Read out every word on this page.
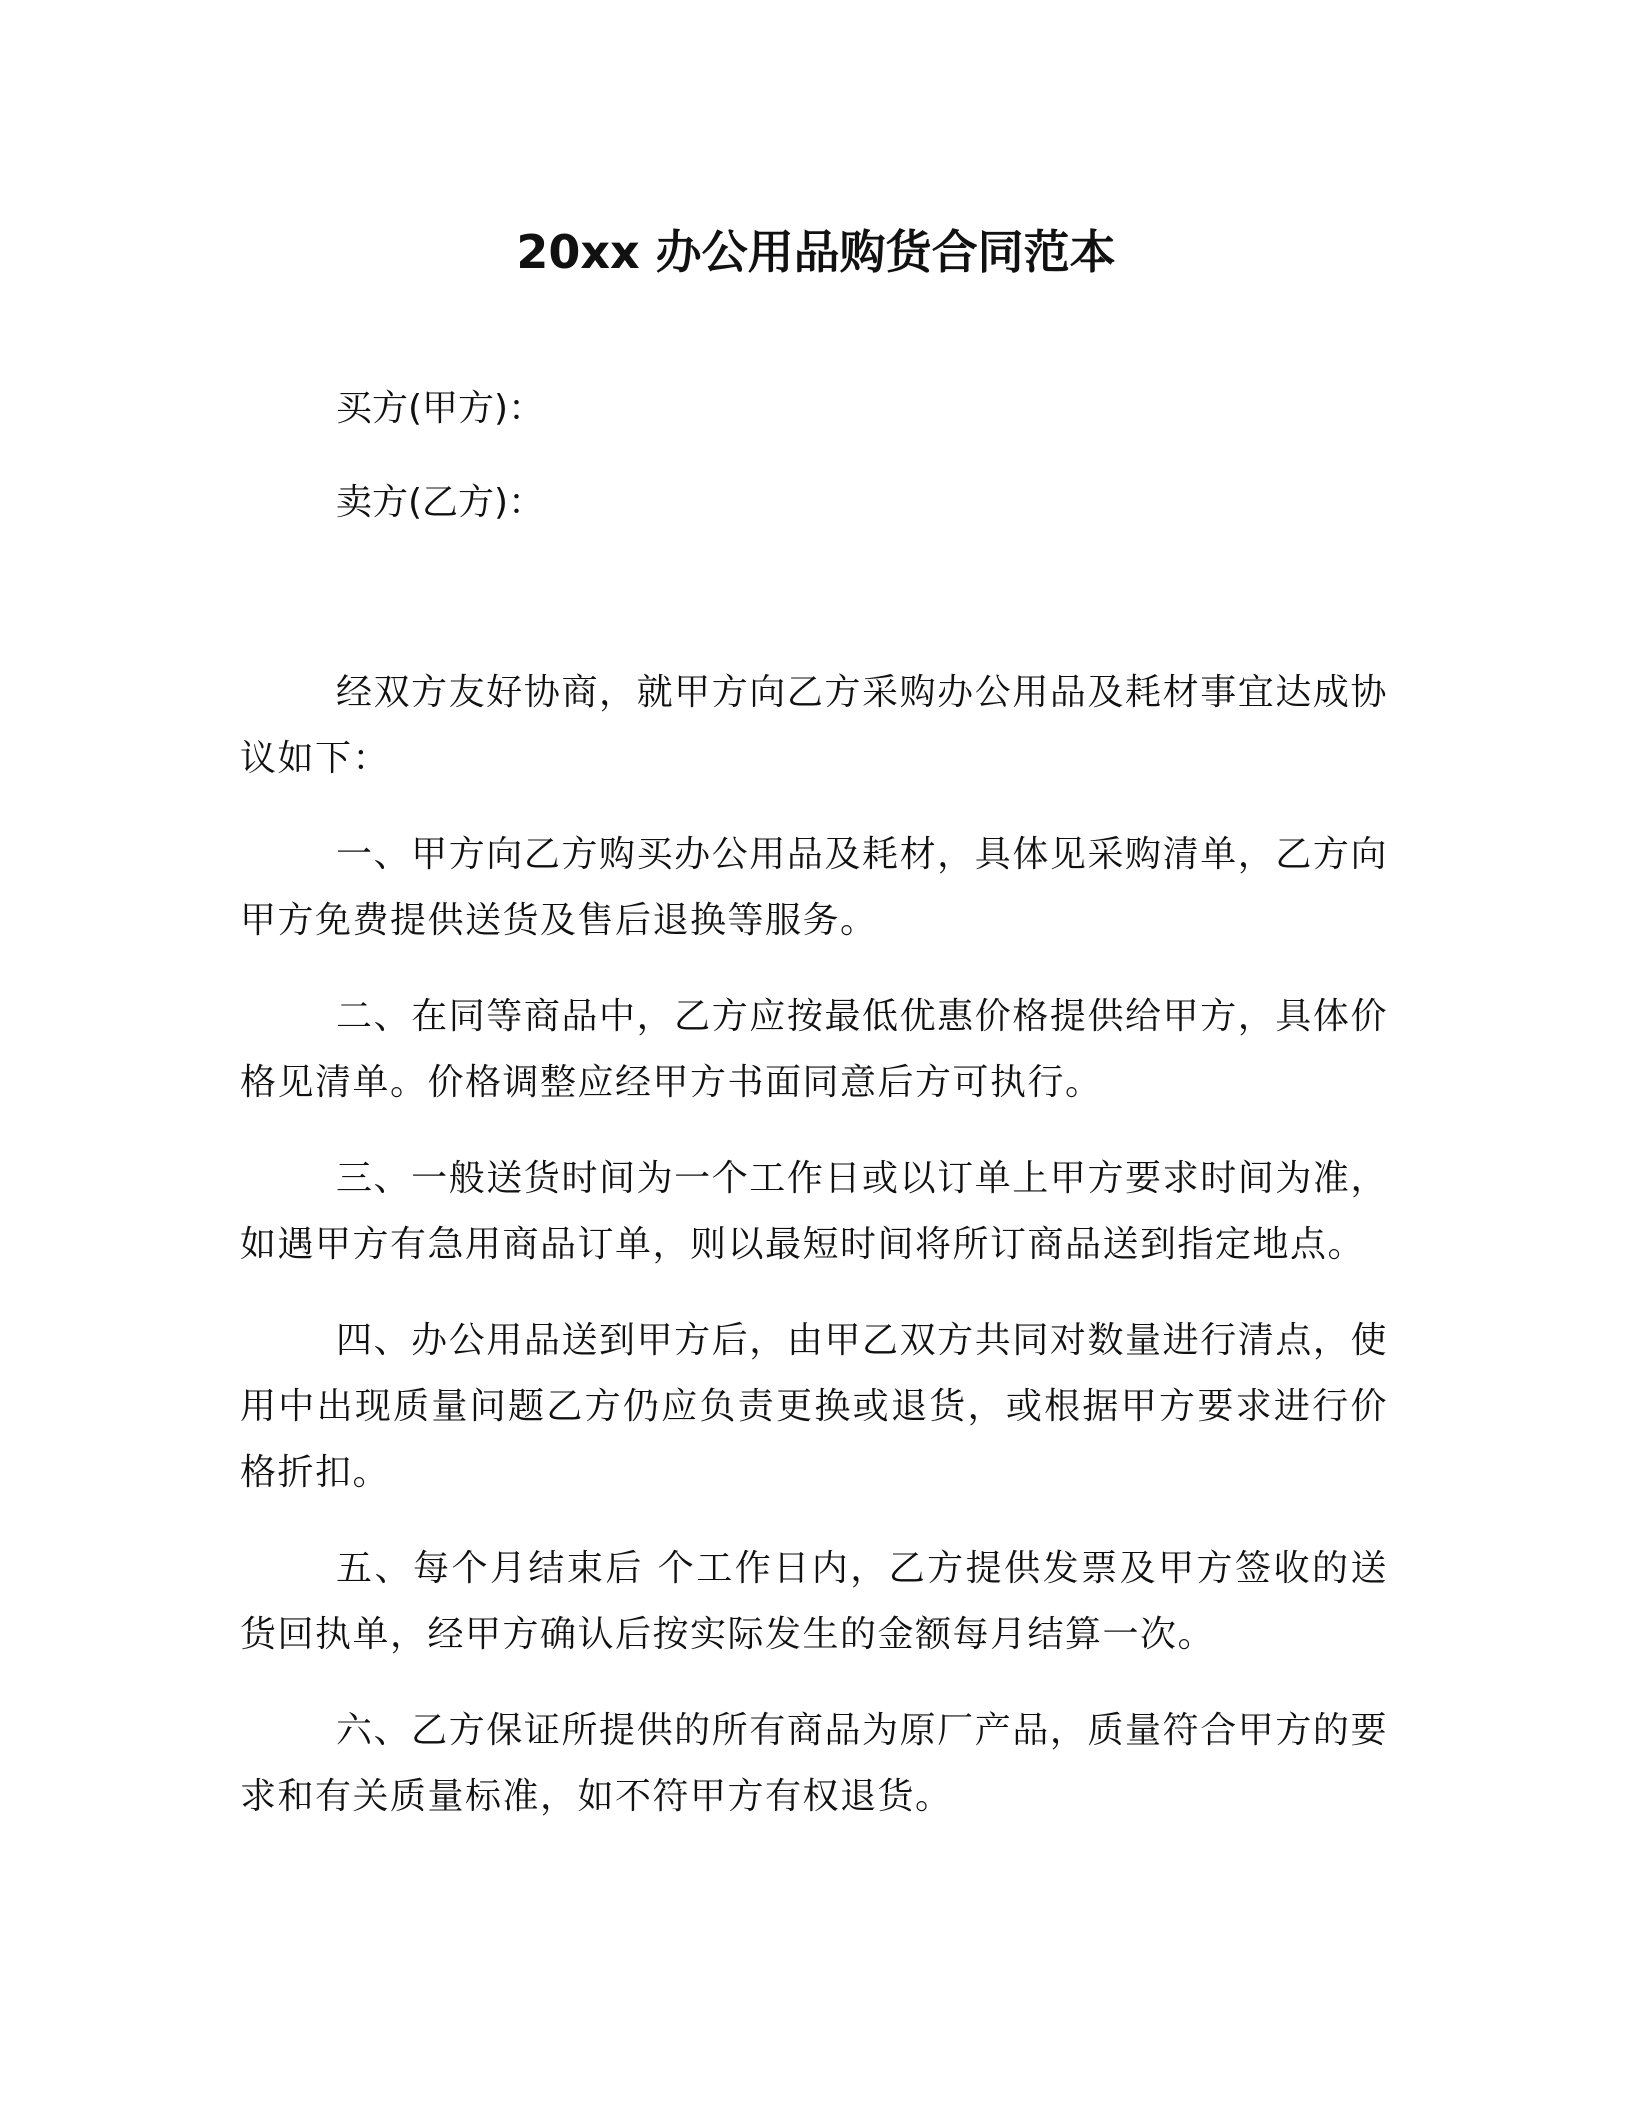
20xx 办公用品购货合同范本
买方(甲方)：
卖方(乙方)：

经双方友好协商，就甲方向乙方采购办公用品及耗材事宜达成协议如下：

一、甲方向乙方购买办公用品及耗材，具体见采购清单，乙方向甲方免费提供送货及售后退换等服务。

二、在同等商品中，乙方应按最低优惠价格提供给甲方，具体价格见清单。价格调整应经甲方书面同意后方可执行。

三、一般送货时间为一个工作日或以订单上甲方要求时间为准，如遇甲方有急用商品订单，则以最短时间将所订商品送到指定地点。

四、办公用品送到甲方后，由甲乙双方共同对数量进行清点，使用中出现质量问题乙方仍应负责更换或退货，或根据甲方要求进行价格折扣。

五、每个月结束后 个工作日内，乙方提供发票及甲方签收的送货回执单，经甲方确认后按实际发生的金额每月结算一次。

六、乙方保证所提供的所有商品为原厂产品，质量符合甲方的要求和有关质量标准，如不符甲方有权退货。
